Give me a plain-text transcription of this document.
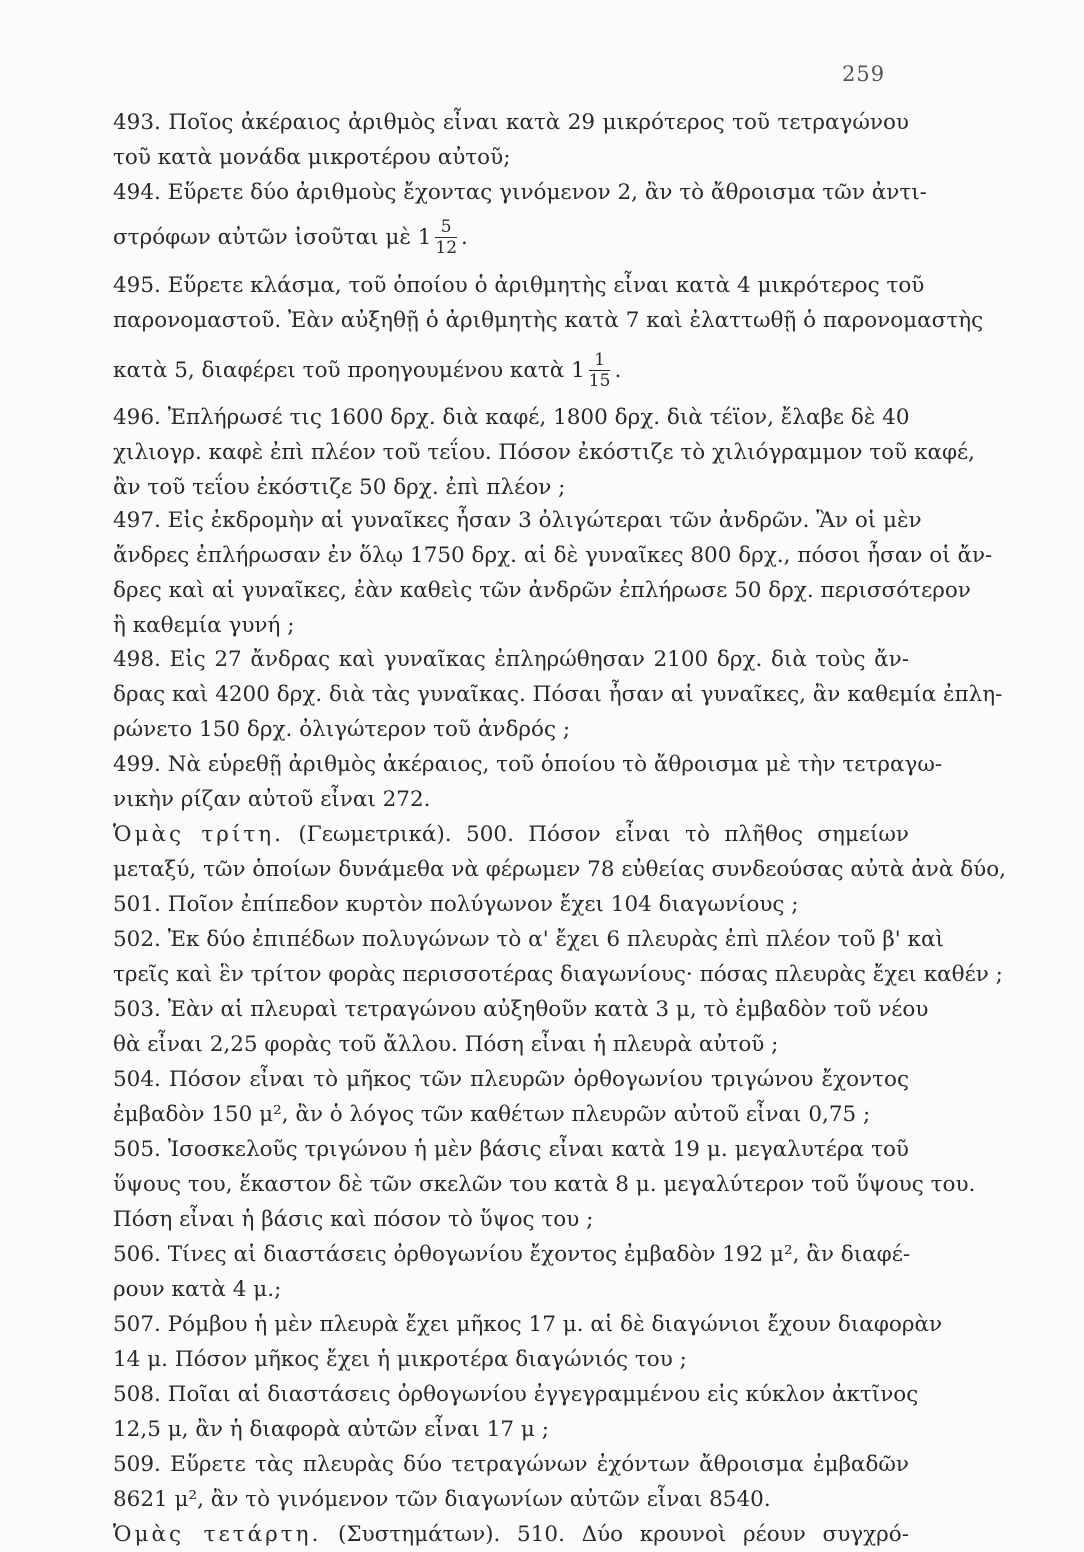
259
493. Ποῖος ἀκέραιος ἀριθμὸς εἶναι κατὰ 29 μικρότερος τοῦ τετραγώνου
τοῦ κατὰ μονάδα μικροτέρου αὐτοῦ;
494. Εὕρετε δύο ἀριθμοὺς ἔχοντας γινόμενον 2, ἂν τὸ ἄθροισμα τῶν ἀντι-
στρόφων αὐτῶν ἰσοῦται μὲ $1 \frac{5}{12}$ .
495. Εὕρετε κλάσμα, τοῦ ὁποίου ὁ ἀριθμητὴς εἶναι κατὰ 4 μικρότερος τοῦ
παρονομαστοῦ. Ἐὰν αὐξηθῇ ὁ ἀριθμητὴς κατὰ 7 καὶ ἐλαττωθῇ ὁ παρονομαστὴς
κατὰ 5, διαφέρει τοῦ προηγουμένου κατὰ $1 \frac{1}{15}$ .
496. Ἐπλήρωσέ τις 1600 δρχ. διὰ καφέ, 1800 δρχ. διὰ τέϊον, ἔλαβε δὲ 40
χιλιογρ. καφὲ ἐπὶ πλέον τοῦ τεΐου. Πόσον ἐκόστιζε τὸ χιλιόγραμμον τοῦ καφέ,
ἂν τοῦ τεΐου ἐκόστιζε 50 δρχ. ἐπὶ πλέον ;
497. Εἰς ἐκδρομὴν αἱ γυναῖκες ἦσαν 3 ὀλιγώτεραι τῶν ἀνδρῶν. Ἂν οἱ μὲν
ἄνδρες ἐπλήρωσαν ἐν ὅλῳ 1750 δρχ. αἱ δὲ γυναῖκες 800 δρχ., πόσοι ἦσαν οἱ ἄν-
δρες καὶ αἱ γυναῖκες, ἐὰν καθεὶς τῶν ἀνδρῶν ἐπλήρωσε 50 δρχ. περισσότερον
ἢ καθεμία γυνή ;
498. Εἰς 27 ἄνδρας καὶ γυναῖκας ἐπληρώθησαν 2100 δρχ. διὰ τοὺς ἄν-
δρας καὶ 4200 δρχ. διὰ τὰς γυναῖκας. Πόσαι ἦσαν αἱ γυναῖκες, ἂν καθεμία ἐπλη-
ρώνετο 150 δρχ. ὀλιγώτερον τοῦ ἀνδρός ;
499. Νὰ εὑρεθῇ ἀριθμὸς ἀκέραιος, τοῦ ὁποίου τὸ ἄθροισμα μὲ τὴν τετραγω-
νικὴν ρίζαν αὐτοῦ εἶναι 272.
Ὁμὰς τρίτη. (Γεωμετρικά). 500. Πόσον εἶναι τὸ πλῆθος σημείων
μεταξύ, τῶν ὁποίων δυνάμεθα νὰ φέρωμεν 78 εὐθείας συνδεούσας αὐτὰ ἀνὰ δύο,
501. Ποῖον ἐπίπεδον κυρτὸν πολύγωνον ἔχει 104 διαγωνίους ;
502. Ἐκ δύο ἐπιπέδων πολυγώνων τὸ α' ἔχει 6 πλευρὰς ἐπὶ πλέον τοῦ β' καὶ
τρεῖς καὶ ἓν τρίτον φορὰς περισσοτέρας διαγωνίους· πόσας πλευρὰς ἔχει καθέν ;
503. Ἐὰν αἱ πλευραὶ τετραγώνου αὐξηθοῦν κατὰ 3 μ, τὸ ἐμβαδὸν τοῦ νέου
θὰ εἶναι 2,25 φορὰς τοῦ ἄλλου. Πόση εἶναι ἡ πλευρὰ αὐτοῦ ;
504. Πόσον εἶναι τὸ μῆκος τῶν πλευρῶν ὀρθογωνίου τριγώνου ἔχοντος
ἐμβαδὸν 150 μ², ἂν ὁ λόγος τῶν καθέτων πλευρῶν αὐτοῦ εἶναι 0,75 ;
505. Ἰσοσκελοῦς τριγώνου ἡ μὲν βάσις εἶναι κατὰ 19 μ. μεγαλυτέρα τοῦ
ὕψους του, ἕκαστον δὲ τῶν σκελῶν του κατὰ 8 μ. μεγαλύτερον τοῦ ὕψους του.
Πόση εἶναι ἡ βάσις καὶ πόσον τὸ ὕψος του ;
506. Τίνες αἱ διαστάσεις ὀρθογωνίου ἔχοντος ἐμβαδὸν 192 μ², ἂν διαφέ-
ρουν κατὰ 4 μ.;
507. Ρόμβου ἡ μὲν πλευρὰ ἔχει μῆκος 17 μ. αἱ δὲ διαγώνιοι ἔχουν διαφορὰν
14 μ. Πόσον μῆκος ἔχει ἡ μικροτέρα διαγώνιός του ;
508. Ποῖαι αἱ διαστάσεις ὀρθογωνίου ἐγγεγραμμένου εἰς κύκλον ἀκτῖνος
12,5 μ, ἂν ἡ διαφορὰ αὐτῶν εἶναι 17 μ ;
509. Εὕρετε τὰς πλευρὰς δύο τετραγώνων ἐχόντων ἄθροισμα ἐμβαδῶν
8621 μ², ἂν τὸ γινόμενον τῶν διαγωνίων αὐτῶν εἶναι 8540.
Ὁμὰς τετάρτη. (Συστημάτων). 510. Δύο κρουνοὶ ρέουν συγχρό-
